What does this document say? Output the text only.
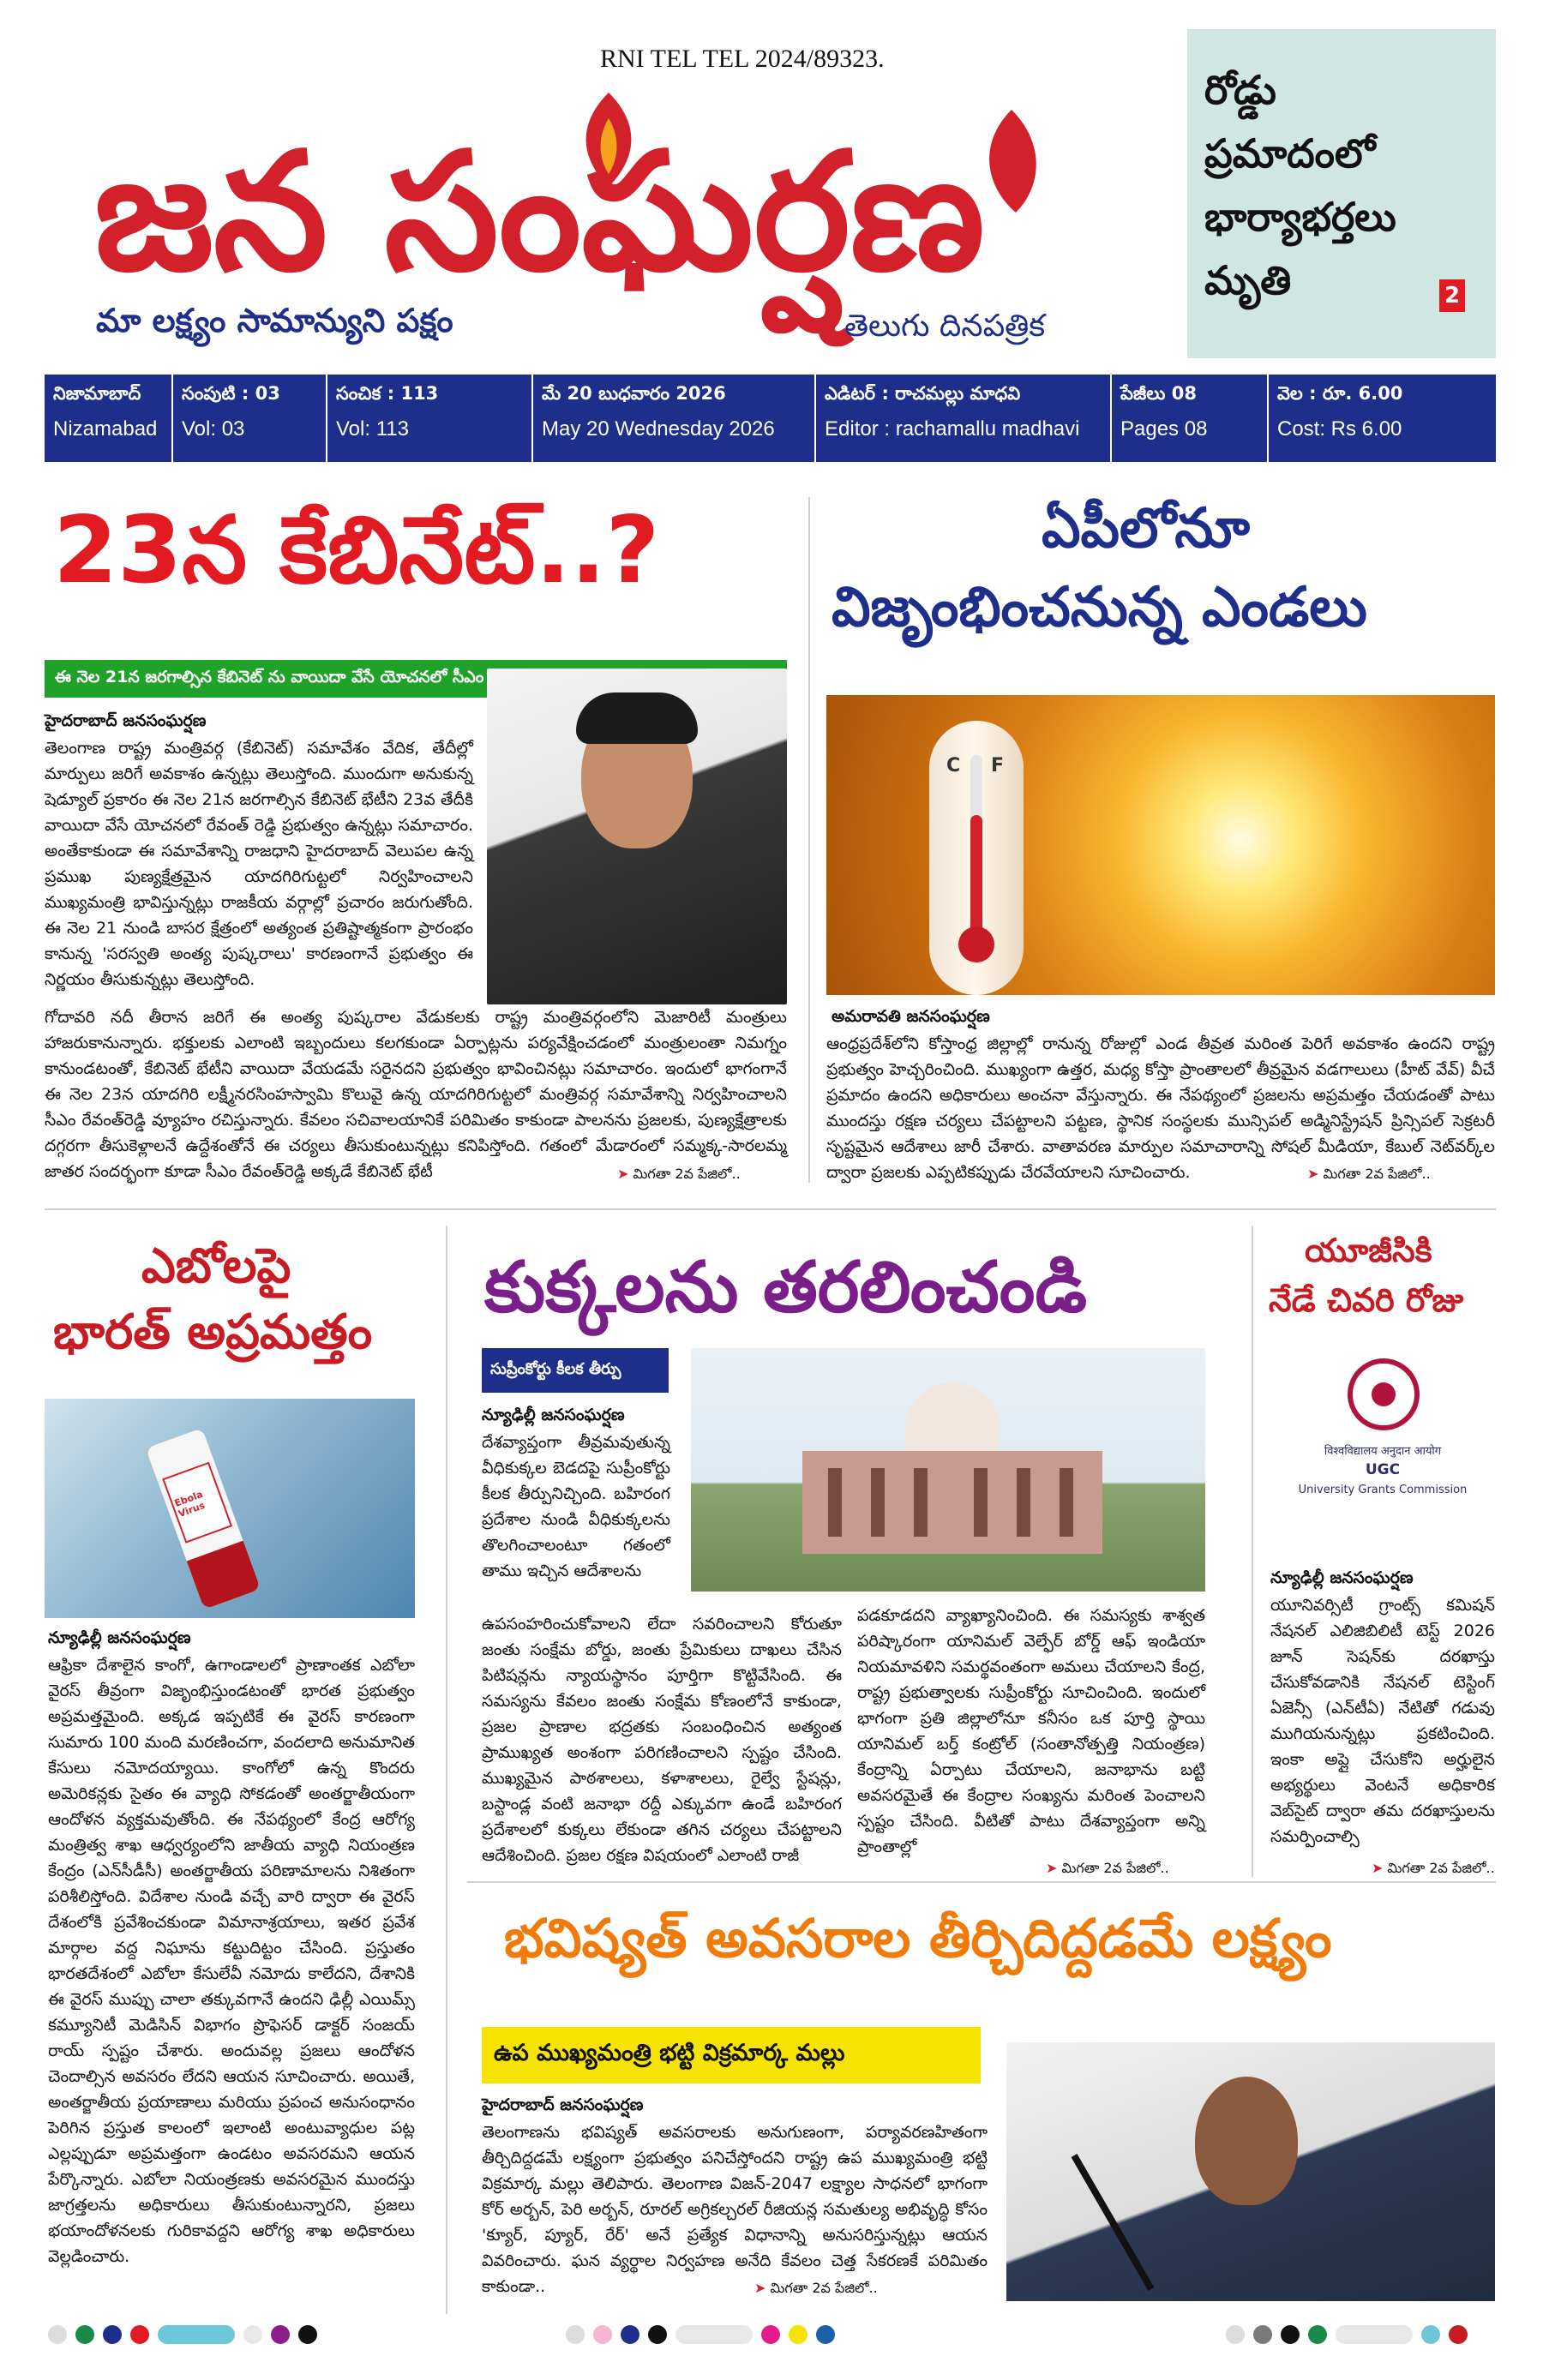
RNI TEL TEL 2024/89323.
జన సంఘర్షణ
మా లక్ష్యం సామాన్యుని పక్షం	తెలుగు దినపత్రిక
రోడ్డు
ప్రమాదంలో
భార్యాభర్తలు
మృతి	2
నిజామాబాద్
Nizamabad
సంపుటి : 03
Vol: 03
సంచిక : 113
Vol: 113
మే 20 బుధవారం 2026
May 20 Wednesday 2026
ఎడిటర్ : రాచమల్లు మాధవి
Editor : rachamallu madhavi
పేజీలు 08
Pages 08
వెల : రూ. 6.00
Cost: Rs 6.00
23న కేబినేట్..?
ఈ నెల 21న జరగాల్సిన కేబినెట్ ను వాయిదా వేసే యోచనలో సీఎం
హైదరాబాద్ జనసంఘర్షణ
తెలంగాణ రాష్ట్ర మంత్రివర్గ (కేబినెట్) సమావేశం వేదిక, తేదీల్లో మార్పులు జరిగే అవకాశం ఉన్నట్లు తెలుస్తోంది. ముందుగా అనుకున్న షెడ్యూల్ ప్రకారం ఈ నెల 21న జరగాల్సిన కేబినెట్ భేటీని 23వ తేదీకి వాయిదా వేసే యోచనలో రేవంత్ రెడ్డి ప్రభుత్వం ఉన్నట్లు సమాచారం. అంతేకాకుండా ఈ సమావేశాన్ని రాజధాని హైదరాబాద్ వెలుపల ఉన్న ప్రముఖ పుణ్యక్షేత్రమైన యాదగిరిగుట్టలో నిర్వహించాలని ముఖ్యమంత్రి భావిస్తున్నట్లు రాజకీయ వర్గాల్లో ప్రచారం జరుగుతోంది. ఈ నెల 21 నుండి బాసర క్షేత్రంలో అత్యంత ప్రతిష్టాత్మకంగా ప్రారంభం కానున్న 'సరస్వతి అంత్య పుష్కరాలు' కారణంగానే ప్రభుత్వం ఈ నిర్ణయం తీసుకున్నట్లు తెలుస్తోంది.
గోదావరి నదీ తీరాన జరిగే ఈ అంత్య పుష్కరాల వేడుకలకు రాష్ట్ర మంత్రివర్గంలోని మెజారిటీ మంత్రులు హాజరుకానున్నారు. భక్తులకు ఎలాంటి ఇబ్బందులు కలగకుండా ఏర్పాట్లను పర్యవేక్షించడంలో మంత్రులంతా నిమగ్నం కానుండటంతో, కేబినెట్ భేటీని వాయిదా వేయడమే సరైనదని ప్రభుత్వం భావించినట్లు సమాచారం. ఇందులో భాగంగానే ఈ నెల 23న యాదగిరి లక్ష్మీనరసింహస్వామి కొలువై ఉన్న యాదగిరిగుట్టలో మంత్రివర్గ సమావేశాన్ని నిర్వహించాలని సీఎం రేవంత్‌రెడ్డి వ్యూహం రచిస్తున్నారు. కేవలం సచివాలయానికే పరిమితం కాకుండా పాలనను ప్రజలకు, పుణ్యక్షేత్రాలకు దగ్గరగా తీసుకెళ్లాలనే ఉద్దేశంతోనే ఈ చర్యలు తీసుకుంటున్నట్లు కనిపిస్తోంది. గతంలో మేడారంలో సమ్మక్క-సారలమ్మ జాతర సందర్భంగా కూడా సీఎం రేవంత్‌రెడ్డి అక్కడే కేబినెట్ భేటీ	➤ మిగతా 2వ పేజిలో..
ఏపీలోనూ
విజృంభించనున్న ఎండలు
C F
అమరావతి జనసంఘర్షణ
ఆంధ్రప్రదేశ్‌లోని కోస్తాంధ్ర జిల్లాల్లో రానున్న రోజుల్లో ఎండ తీవ్రత మరింత పెరిగే అవకాశం ఉందని రాష్ట్ర ప్రభుత్వం హెచ్చరించింది. ముఖ్యంగా ఉత్తర, మధ్య కోస్తా ప్రాంతాలలో తీవ్రమైన వడగాలులు (హీట్ వేవ్) వీచే ప్రమాదం ఉందని అధికారులు అంచనా వేస్తున్నారు. ఈ నేపథ్యంలో ప్రజలను అప్రమత్తం చేయడంతో పాటు ముందస్తు రక్షణ చర్యలు చేపట్టాలని పట్టణ, స్థానిక సంస్థలకు మున్సిపల్ అడ్మినిస్ట్రేషన్ ప్రిన్సిపల్ సెక్రటరీ సృష్టమైన ఆదేశాలు జారీ చేశారు. వాతావరణ మార్పుల సమాచారాన్ని సోషల్ మీడియా, కేబుల్ నెట్‌వర్క్‌ల ద్వారా ప్రజలకు ఎప్పటికప్పుడు చేరవేయాలని సూచించారు.	➤ మిగతా 2వ పేజిలో..
ఎబోలపై
భారత్ అప్రమత్తం
Ebola Virus
న్యూఢిల్లీ జనసంఘర్షణ
ఆఫ్రికా దేశాలైన కాంగో, ఉగాండాలలో ప్రాణాంతక ఎబోలా వైరస్ తీవ్రంగా విజృంభిస్తుండటంతో భారత ప్రభుత్వం అప్రమత్తమైంది. అక్కడ ఇప్పటికే ఈ వైరస్ కారణంగా సుమారు 100 మంది మరణించగా, వందలాది అనుమానిత కేసులు నమోదయ్యాయి. కాంగోలో ఉన్న కొందరు అమెరికన్లకు సైతం ఈ వ్యాధి సోకడంతో అంతర్జాతీయంగా ఆందోళన వ్యక్తమవుతోంది. ఈ నేపథ్యంలో కేంద్ర ఆరోగ్య మంత్రిత్వ శాఖ ఆధ్వర్యంలోని జాతీయ వ్యాధి నియంత్రణ కేంద్రం (ఎన్‌సీడీసీ) అంతర్జాతీయ పరిణామాలను నిశితంగా పరిశీలిస్తోంది. విదేశాల నుండి వచ్చే వారి ద్వారా ఈ వైరస్ దేశంలోకి ప్రవేశించకుండా విమానాశ్రయాలు, ఇతర ప్రవేశ మార్గాల వద్ద నిఘాను కట్టుదిట్టం చేసింది. ప్రస్తుతం భారతదేశంలో ఎబోలా కేసులేవీ నమోదు కాలేదని, దేశానికి ఈ వైరస్ ముప్పు చాలా తక్కువగానే ఉందని ఢిల్లీ ఎయిమ్స్ కమ్యూనిటీ మెడిసిన్ విభాగం ప్రొఫెసర్ డాక్టర్ సంజయ్ రాయ్ స్పష్టం చేశారు. అందువల్ల ప్రజలు ఆందోళన చెందాల్సిన అవసరం లేదని ఆయన సూచించారు. అయితే, అంతర్జాతీయ ప్రయాణాలు మరియు ప్రపంచ అనుసంధానం పెరిగిన ప్రస్తుత కాలంలో ఇలాంటి అంటువ్యాధుల పట్ల ఎల్లప్పుడూ అప్రమత్తంగా ఉండటం అవసరమని ఆయన పేర్కొన్నారు. ఎబోలా నియంత్రణకు అవసరమైన ముందస్తు జాగ్రత్తలను అధికారులు తీసుకుంటున్నారని, ప్రజలు భయాందోళనలకు గురికావద్దని ఆరోగ్య శాఖ అధికారులు వెల్లడించారు.
కుక్కలను తరలించండి
సుప్రీంకోర్టు కీలక తీర్పు
న్యూఢిల్లీ జనసంఘర్షణ
దేశవ్యాప్తంగా తీవ్రమవుతున్న వీధికుక్కల బెడదపై సుప్రీంకోర్టు కీలక తీర్పునిచ్చింది. బహిరంగ ప్రదేశాల నుండి వీధికుక్కలను తొలగించాలంటూ గతంలో తాము ఇచ్చిన ఆదేశాలను
ఉపసంహరించుకోవాలని లేదా సవరించాలని కోరుతూ జంతు సంక్షేమ బోర్డు, జంతు ప్రేమికులు దాఖలు చేసిన పిటిషన్లను న్యాయస్థానం పూర్తిగా కొట్టివేసింది. ఈ సమస్యను కేవలం జంతు సంక్షేమ కోణంలోనే కాకుండా, ప్రజల ప్రాణాల భద్రతకు సంబంధించిన అత్యంత ప్రాముఖ్యత అంశంగా పరిగణించాలని స్పష్టం చేసింది. ముఖ్యమైన పాఠశాలలు, కళాశాలలు, రైల్వే స్టేషన్లు, బస్టాండ్ల వంటి జనాభా రద్దీ ఎక్కువగా ఉండే బహిరంగ ప్రదేశాలలో కుక్కలు లేకుండా తగిన చర్యలు చేపట్టాలని ఆదేశించింది. ప్రజల రక్షణ విషయంలో ఎలాంటి రాజీ
పడకూడదని వ్యాఖ్యానించింది. ఈ సమస్యకు శాశ్వత పరిష్కారంగా యానిమల్ వెల్ఫేర్ బోర్డ్ ఆఫ్ ఇండియా నియమావళిని సమర్థవంతంగా అమలు చేయాలని కేంద్ర, రాష్ట్ర ప్రభుత్వాలకు సుప్రీంకోర్టు సూచించింది. ఇందులో భాగంగా ప్రతి జిల్లాలోనూ కనీసం ఒక పూర్తి స్థాయి యానిమల్ బర్త్ కంట్రోల్ (సంతానోత్పత్తి నియంత్రణ) కేంద్రాన్ని ఏర్పాటు చేయాలని, జనాభాను బట్టి అవసరమైతే ఈ కేంద్రాల సంఖ్యను మరింత పెంచాలని స్పష్టం చేసింది. వీటితో పాటు దేశవ్యాప్తంగా అన్ని ప్రాంతాల్లో
➤ మిగతా 2వ పేజిలో..
యూజీసికి
నేడే చివరి రోజు
विश्वविद्यालय अनुदान आयोग
UGC
University Grants Commission
న్యూఢిల్లీ జనసంఘర్షణ
యూనివర్సిటీ గ్రాంట్స్ కమిషన్ నేషనల్ ఎలిజిబిలిటీ టెస్ట్ 2026 జూన్ సెషన్‌కు దరఖాస్తు చేసుకోవడానికి నేషనల్ టెస్టింగ్ ఏజెన్సీ (ఎన్‌టీఏ) నేటితో గడువు ముగియనున్నట్లు ప్రకటించింది. ఇంకా అప్లై చేసుకోని అర్హులైన అభ్యర్థులు వెంటనే అధికారిక వెబ్‌సైట్ ద్వారా తమ దరఖాస్తులను సమర్పించాల్సి
➤ మిగతా 2వ పేజిలో..
భవిష్యత్ అవసరాల తీర్చిదిద్దడమే లక్ష్యం
ఉప ముఖ్యమంత్రి భట్టి విక్రమార్క మల్లు
హైదరాబాద్ జనసంఘర్షణ
తెలంగాణను భవిష్యత్ అవసరాలకు అనుగుణంగా, పర్యావరణహితంగా తీర్చిదిద్దడమే లక్ష్యంగా ప్రభుత్వం పనిచేస్తోందని రాష్ట్ర ఉప ముఖ్యమంత్రి భట్టి విక్రమార్క మల్లు తెలిపారు. తెలంగాణ విజన్-2047 లక్ష్యాల సాధనలో భాగంగా కోర్ అర్బన్, పెరి అర్బన్, రూరల్ అగ్రికల్చరల్ రీజియన్ల సమతుల్య అభివృద్ధి కోసం 'క్యూర్, ప్యూర్, రేర్' అనే ప్రత్యేక విధానాన్ని అనుసరిస్తున్నట్లు ఆయన వివరించారు. ఘన వ్యర్థాల నిర్వహణ అనేది కేవలం చెత్త సేకరణకే పరిమితం కాకుండా..	➤ మిగతా 2వ పేజిలో..
